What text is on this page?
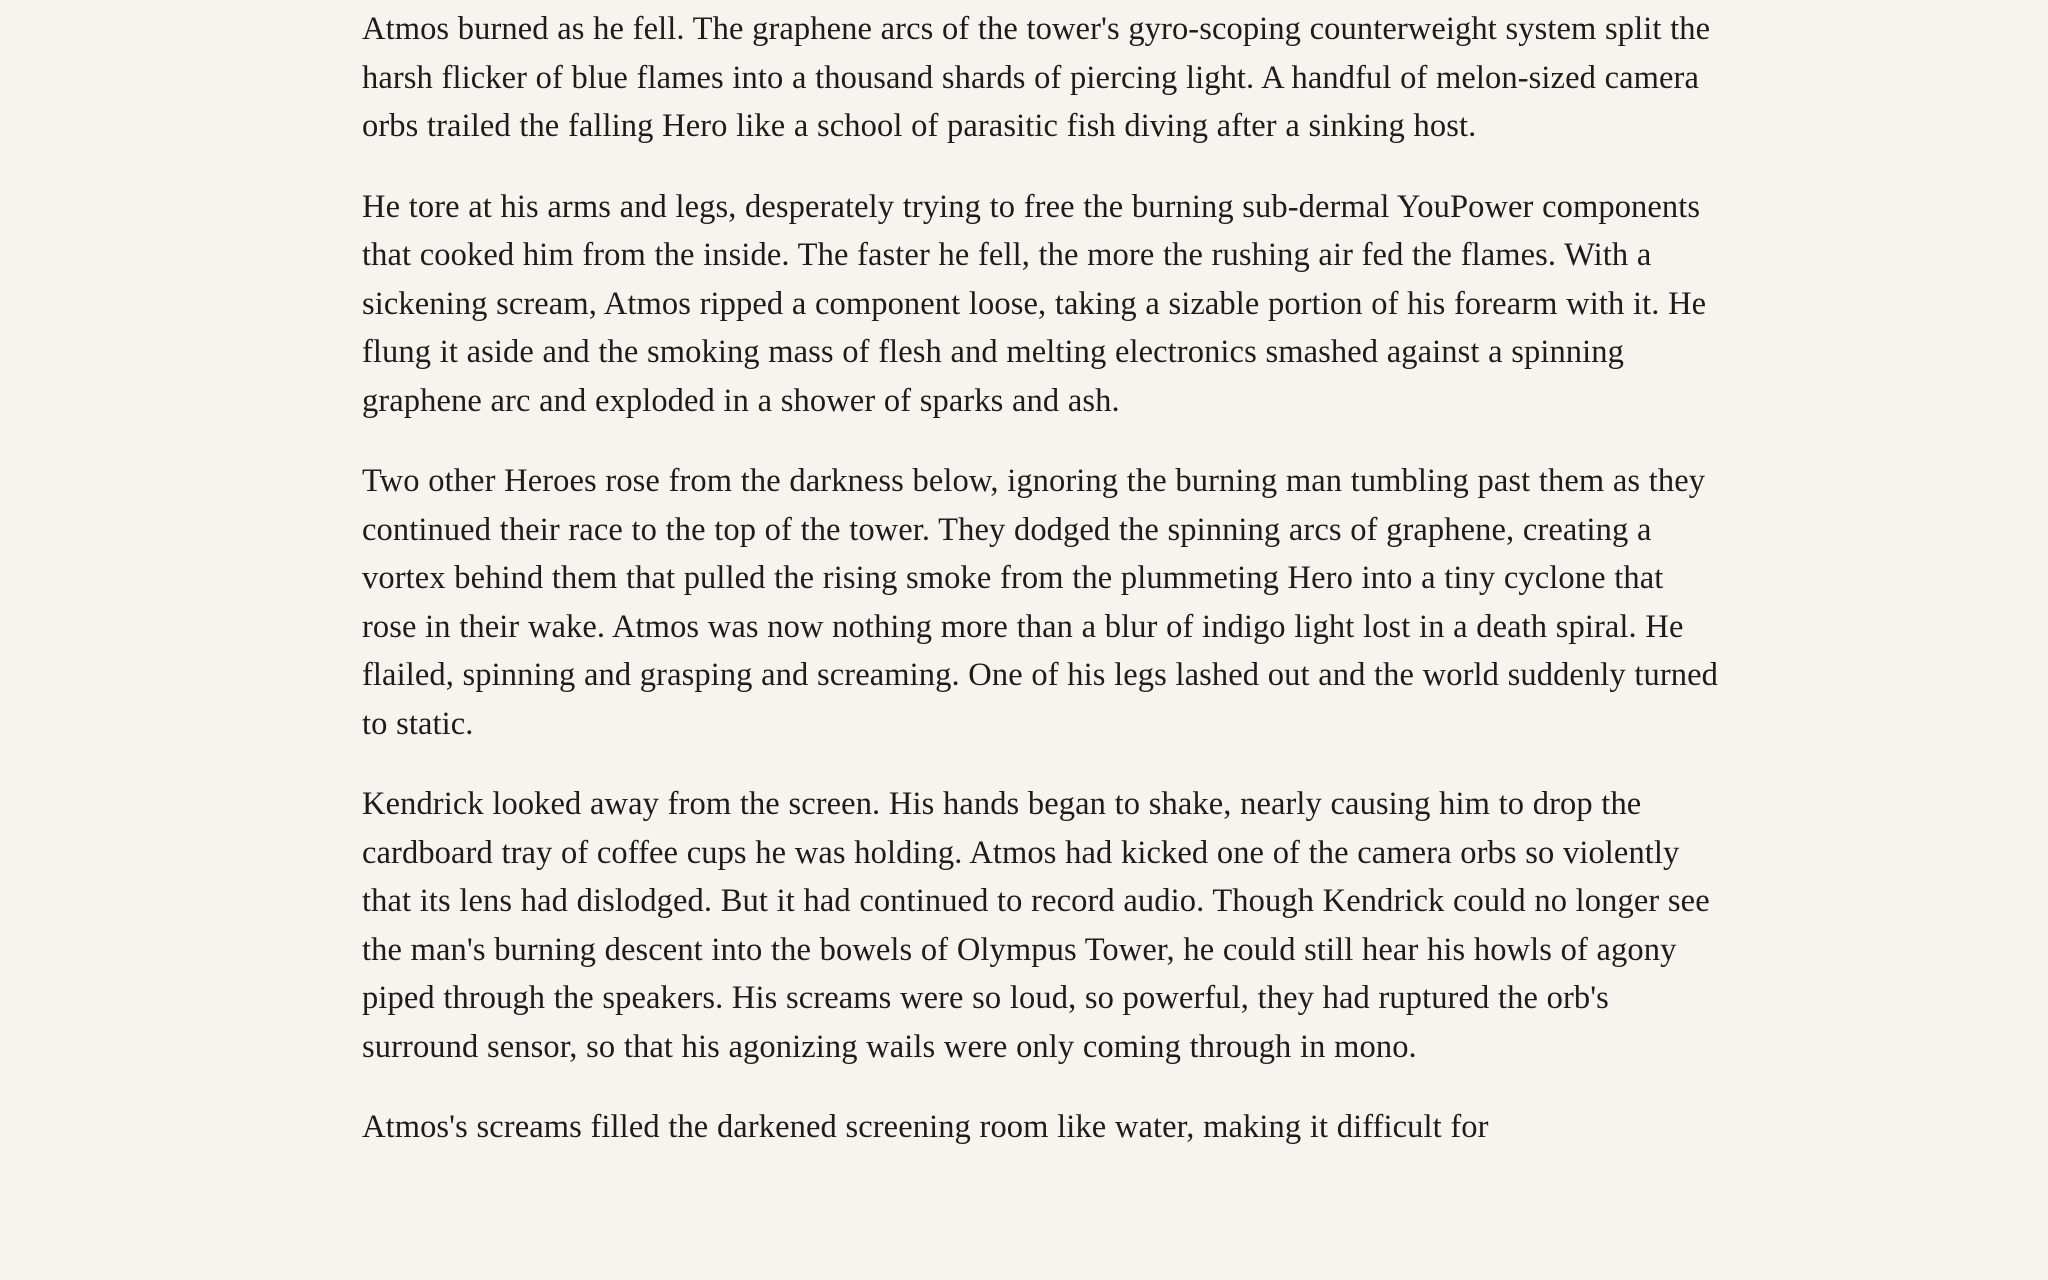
Atmos burned as he fell. The graphene arcs of the tower's gyro-scoping counterweight system split the harsh flicker of blue flames into a thousand shards of piercing light. A handful of melon-sized camera orbs trailed the falling Hero like a school of parasitic fish diving after a sinking host.

He tore at his arms and legs, desperately trying to free the burning sub-dermal YouPower components that cooked him from the inside. The faster he fell, the more the rushing air fed the flames. With a sickening scream, Atmos ripped a component loose, taking a sizable portion of his forearm with it. He flung it aside and the smoking mass of flesh and melting electronics smashed against a spinning graphene arc and exploded in a shower of sparks and ash.

Two other Heroes rose from the darkness below, ignoring the burning man tumbling past them as they continued their race to the top of the tower. They dodged the spinning arcs of graphene, creating a vortex behind them that pulled the rising smoke from the plummeting Hero into a tiny cyclone that rose in their wake. Atmos was now nothing more than a blur of indigo light lost in a death spiral. He flailed, spinning and grasping and screaming. One of his legs lashed out and the world suddenly turned to static.

Kendrick looked away from the screen. His hands began to shake, nearly causing him to drop the cardboard tray of coffee cups he was holding. Atmos had kicked one of the camera orbs so violently that its lens had dislodged. But it had continued to record audio. Though Kendrick could no longer see the man's burning descent into the bowels of Olympus Tower, he could still hear his howls of agony piped through the speakers. His screams were so loud, so powerful, they had ruptured the orb's surround sensor, so that his agonizing wails were only coming through in mono.

Atmos's screams filled the darkened screening room like water, making it difficult for
